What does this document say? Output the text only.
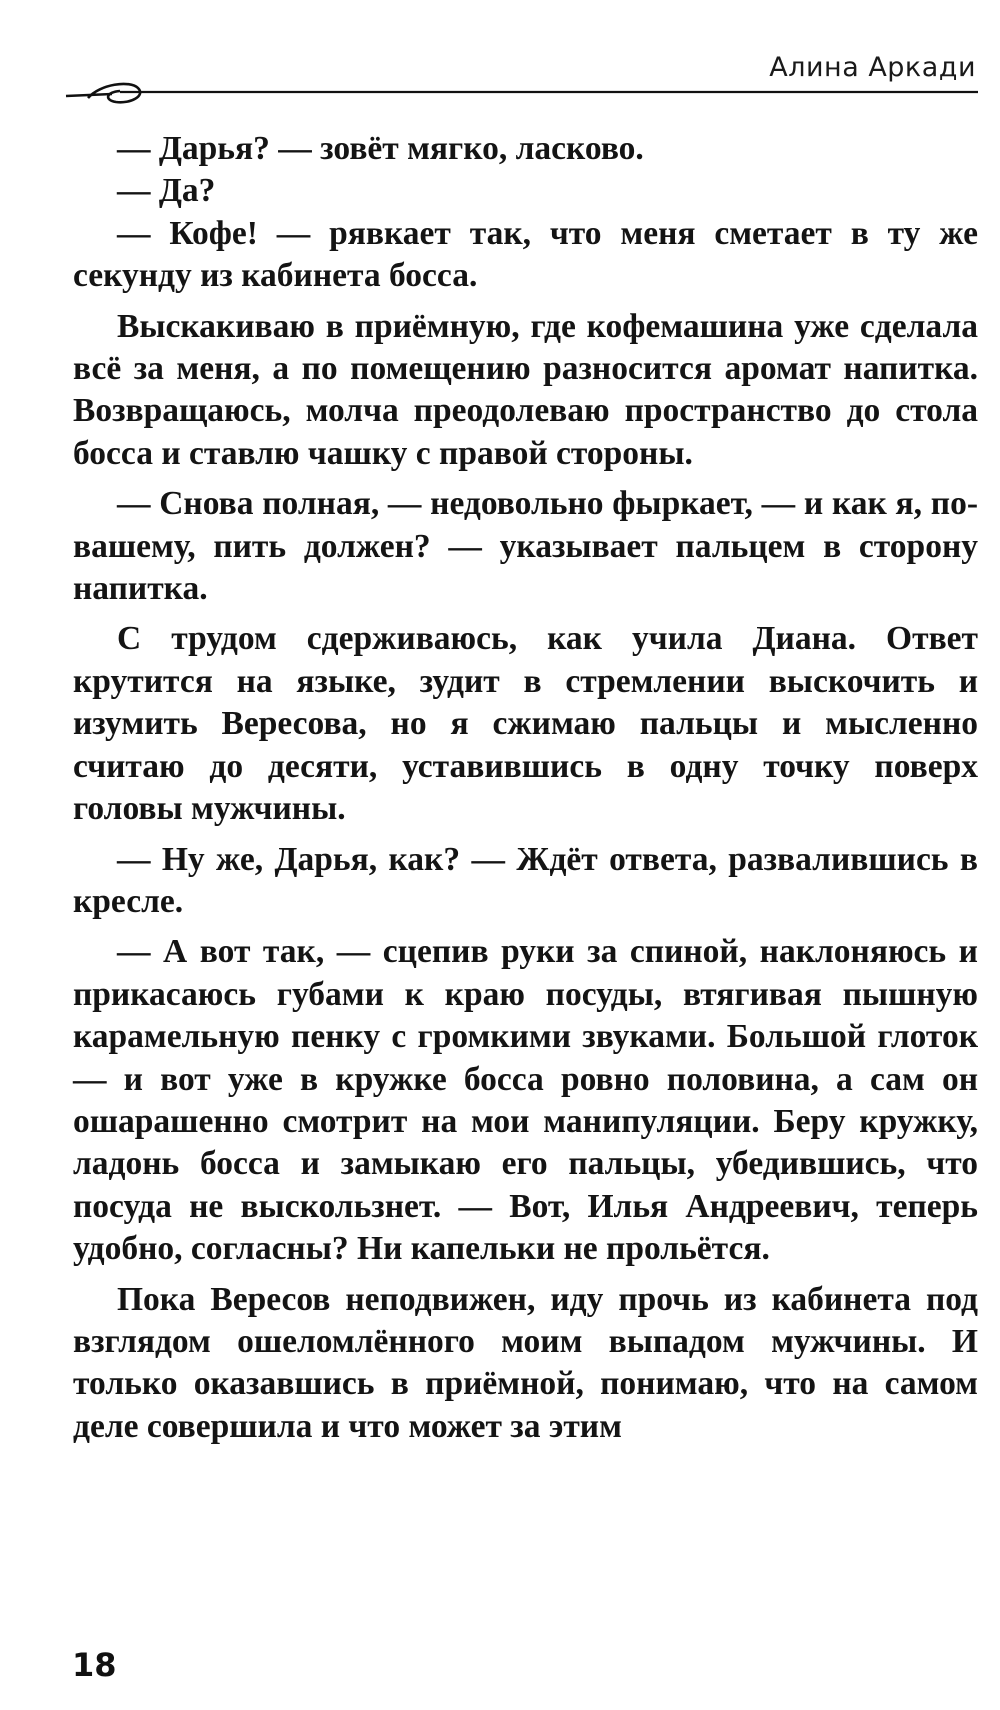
Алина Аркади

— Дарья? — зовёт мягко, ласково.

— Да?

— Кофе! — рявкает так, что меня сметает в ту же секунду из кабинета босса.

Выскакиваю в приёмную, где кофемашина уже сделала всё за меня, а по помещению разносится аромат напитка. Возвращаюсь, молча преодолеваю пространство до стола босса и ставлю чашку с правой стороны.

— Снова полная, — недовольно фыркает, — и как я, по-вашему, пить должен? — указывает пальцем в сторону напитка.

С трудом сдерживаюсь, как учила Диана. Ответ крутится на языке, зудит в стремлении выскочить и изумить Вересова, но я сжимаю пальцы и мысленно считаю до десяти, уставившись в одну точку поверх головы мужчины.

— Ну же, Дарья, как? — Ждёт ответа, развалившись в кресле.

— А вот так, — сцепив руки за спиной, наклоняюсь и прикасаюсь губами к краю посуды, втягивая пышную карамельную пенку с громкими звуками. Большой глоток — и вот уже в кружке босса ровно половина, а сам он ошарашенно смотрит на мои манипуляции. Беру кружку, ладонь босса и замыкаю его пальцы, убедившись, что посуда не выскользнет. — Вот, Илья Андреевич, теперь удобно, согласны? Ни капельки не прольётся.

Пока Вересов неподвижен, иду прочь из кабинета под взглядом ошеломлённого моим выпадом мужчины. И только оказавшись в приёмной, понимаю, что на самом деле совершила и что может за этим

18
